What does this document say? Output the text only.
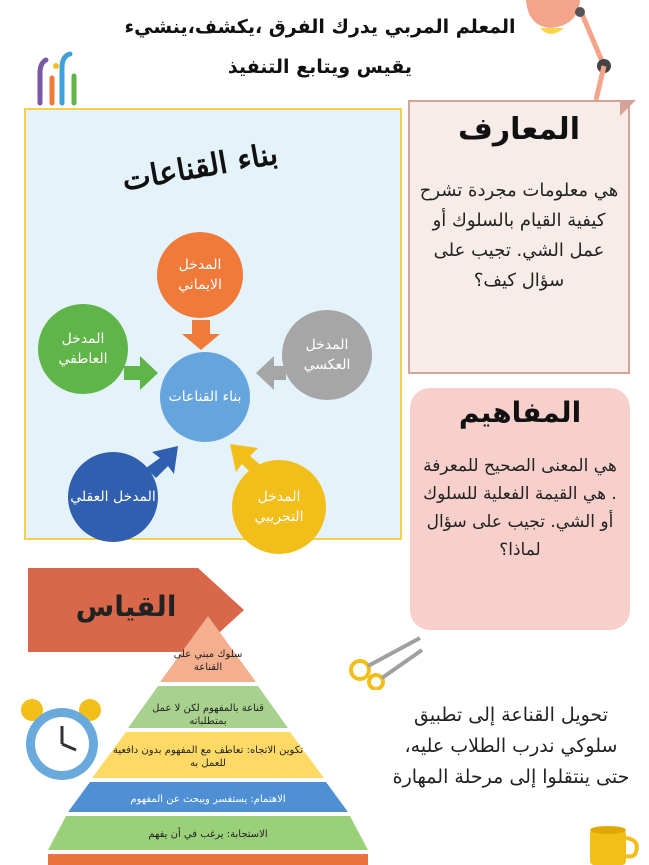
المعلم المربي يدرك الفرق ،يكشف،ينشيء
يقيس ويتابع التنفيذ
بناء القناعات
بناء القناعات
المدخل الايماني
المدخل العكسي
المدخل العاطفي
المدخل العقلي	المدخل التجريبي
المعارف
هي معلومات مجردة تشرح كيفية القيام بالسلوك أو عمل الشي. تجيب على سؤال كيف؟
المفاهيم
هي المعنى الصحيح للمعرفة . هي القيمة الفعلية للسلوك أو الشي. تجيب على سؤال لماذا؟
القياس
سلوك مبني على القناعة
قناعة بالمفهوم لكن لا عمل بمتطلباته
تكوين الاتجاه: تعاطف مع المفهوم بدون دافعية للعمل به
الاهتمام: يستفسر ويبحث عن المفهوم
الاستجابة: يرغب في أن يفهم
تحويل القناعة إلى تطبيق سلوكي ندرب الطلاب عليه، حتى ينتقلوا إلى مرحلة المهارة
